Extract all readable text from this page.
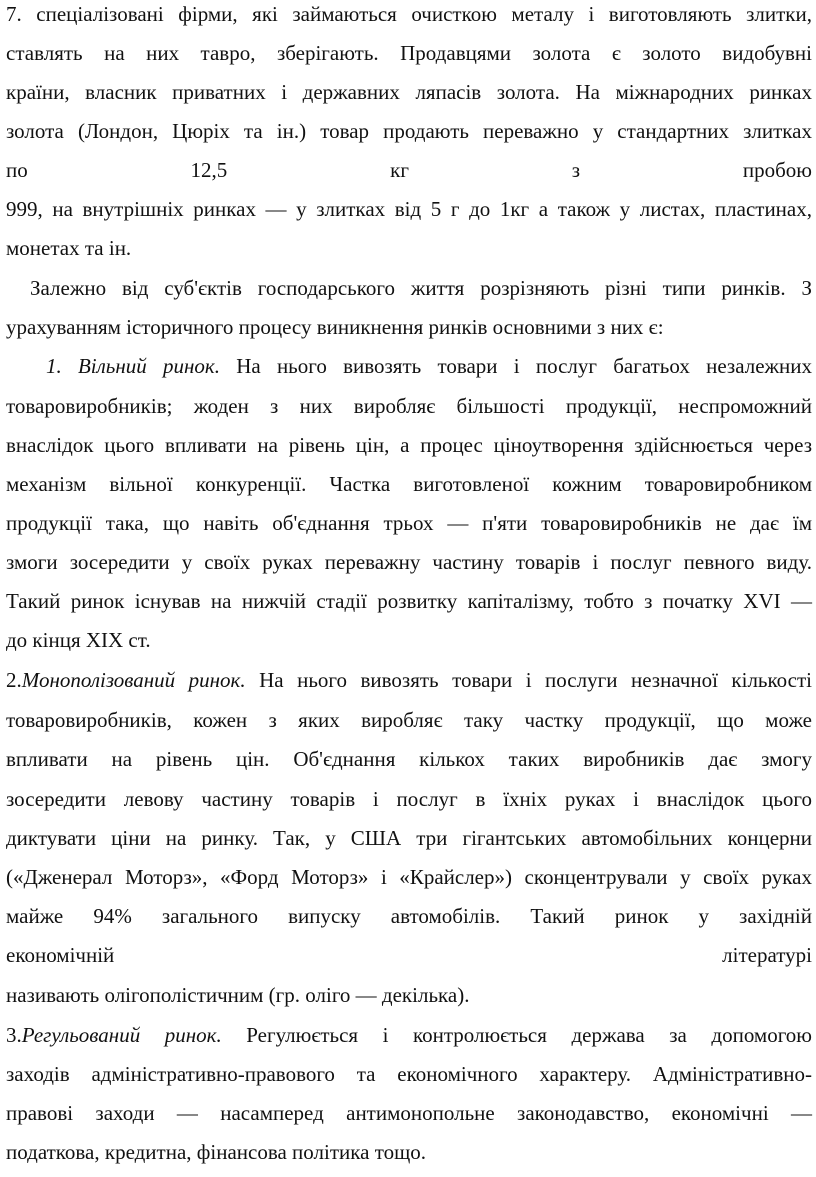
7. спеціалізовані фірми, які займаються очисткою металу і виготовляють злитки,
ставлять на них тавро, зберігають. Продавцями золота є золото видобувні
країни, власник приватних і державних ляпасів золота. На міжнародних ринках
золота (Лондон, Цюріх та ін.) товар продають переважно у стандартних злитках
по 12,5 кг з пробою
999, на внутрішніх ринках — у злитках від 5 г до 1кг а також у листах, пластинах,
монетах та ін.
Залежно від суб'єктів господарського життя розрізняють різні типи ринків. З
урахуванням історичного процесу виникнення ринків основними з них є:
1. Вільний ринок. На нього вивозять товари і послуг багатьох незалежних
товаровиробників; жоден з них виробляє більшості продукції, неспроможний
внаслідок цього впливати на рівень цін, а процес ціноутворення здійснюється через
механізм вільної конкуренції. Частка виготовленої кожним товаровиробником
продукції така, що навіть об'єднання трьох — п'яти товаровиробників не дає їм
змоги зосередити у своїх руках переважну частину товарів і послуг певного виду.
Такий ринок існував на нижчій стадії розвитку капіталізму, тобто з початку XVI —
до кінця XIX ст.
2.Монополізований ринок. На нього вивозять товари і послуги незначної кількості
товаровиробників, кожен з яких виробляє таку частку продукції, що може
впливати на рівень цін. Об'єднання кількох таких виробників дає змогу
зосередити левову частину товарів і послуг в їхніх руках і внаслідок цього
диктувати ціни на ринку. Так, у США три гігантських автомобільних концерни
(«Дженерал Моторз», «Форд Моторз» і «Крайслер») сконцентрували у своїх руках
майже 94% загального випуску автомобілів. Такий ринок у західній
економічній літературі
називають олігополістичним (гр. оліго — декілька).
3.Регульований ринок. Регулюється і контролюється держава за допомогою
заходів адміністративно-правового та економічного характеру. Адміністративно-
правові заходи — насамперед антимонопольне законодавство, економічні —
податкова, кредитна, фінансова політика тощо.
